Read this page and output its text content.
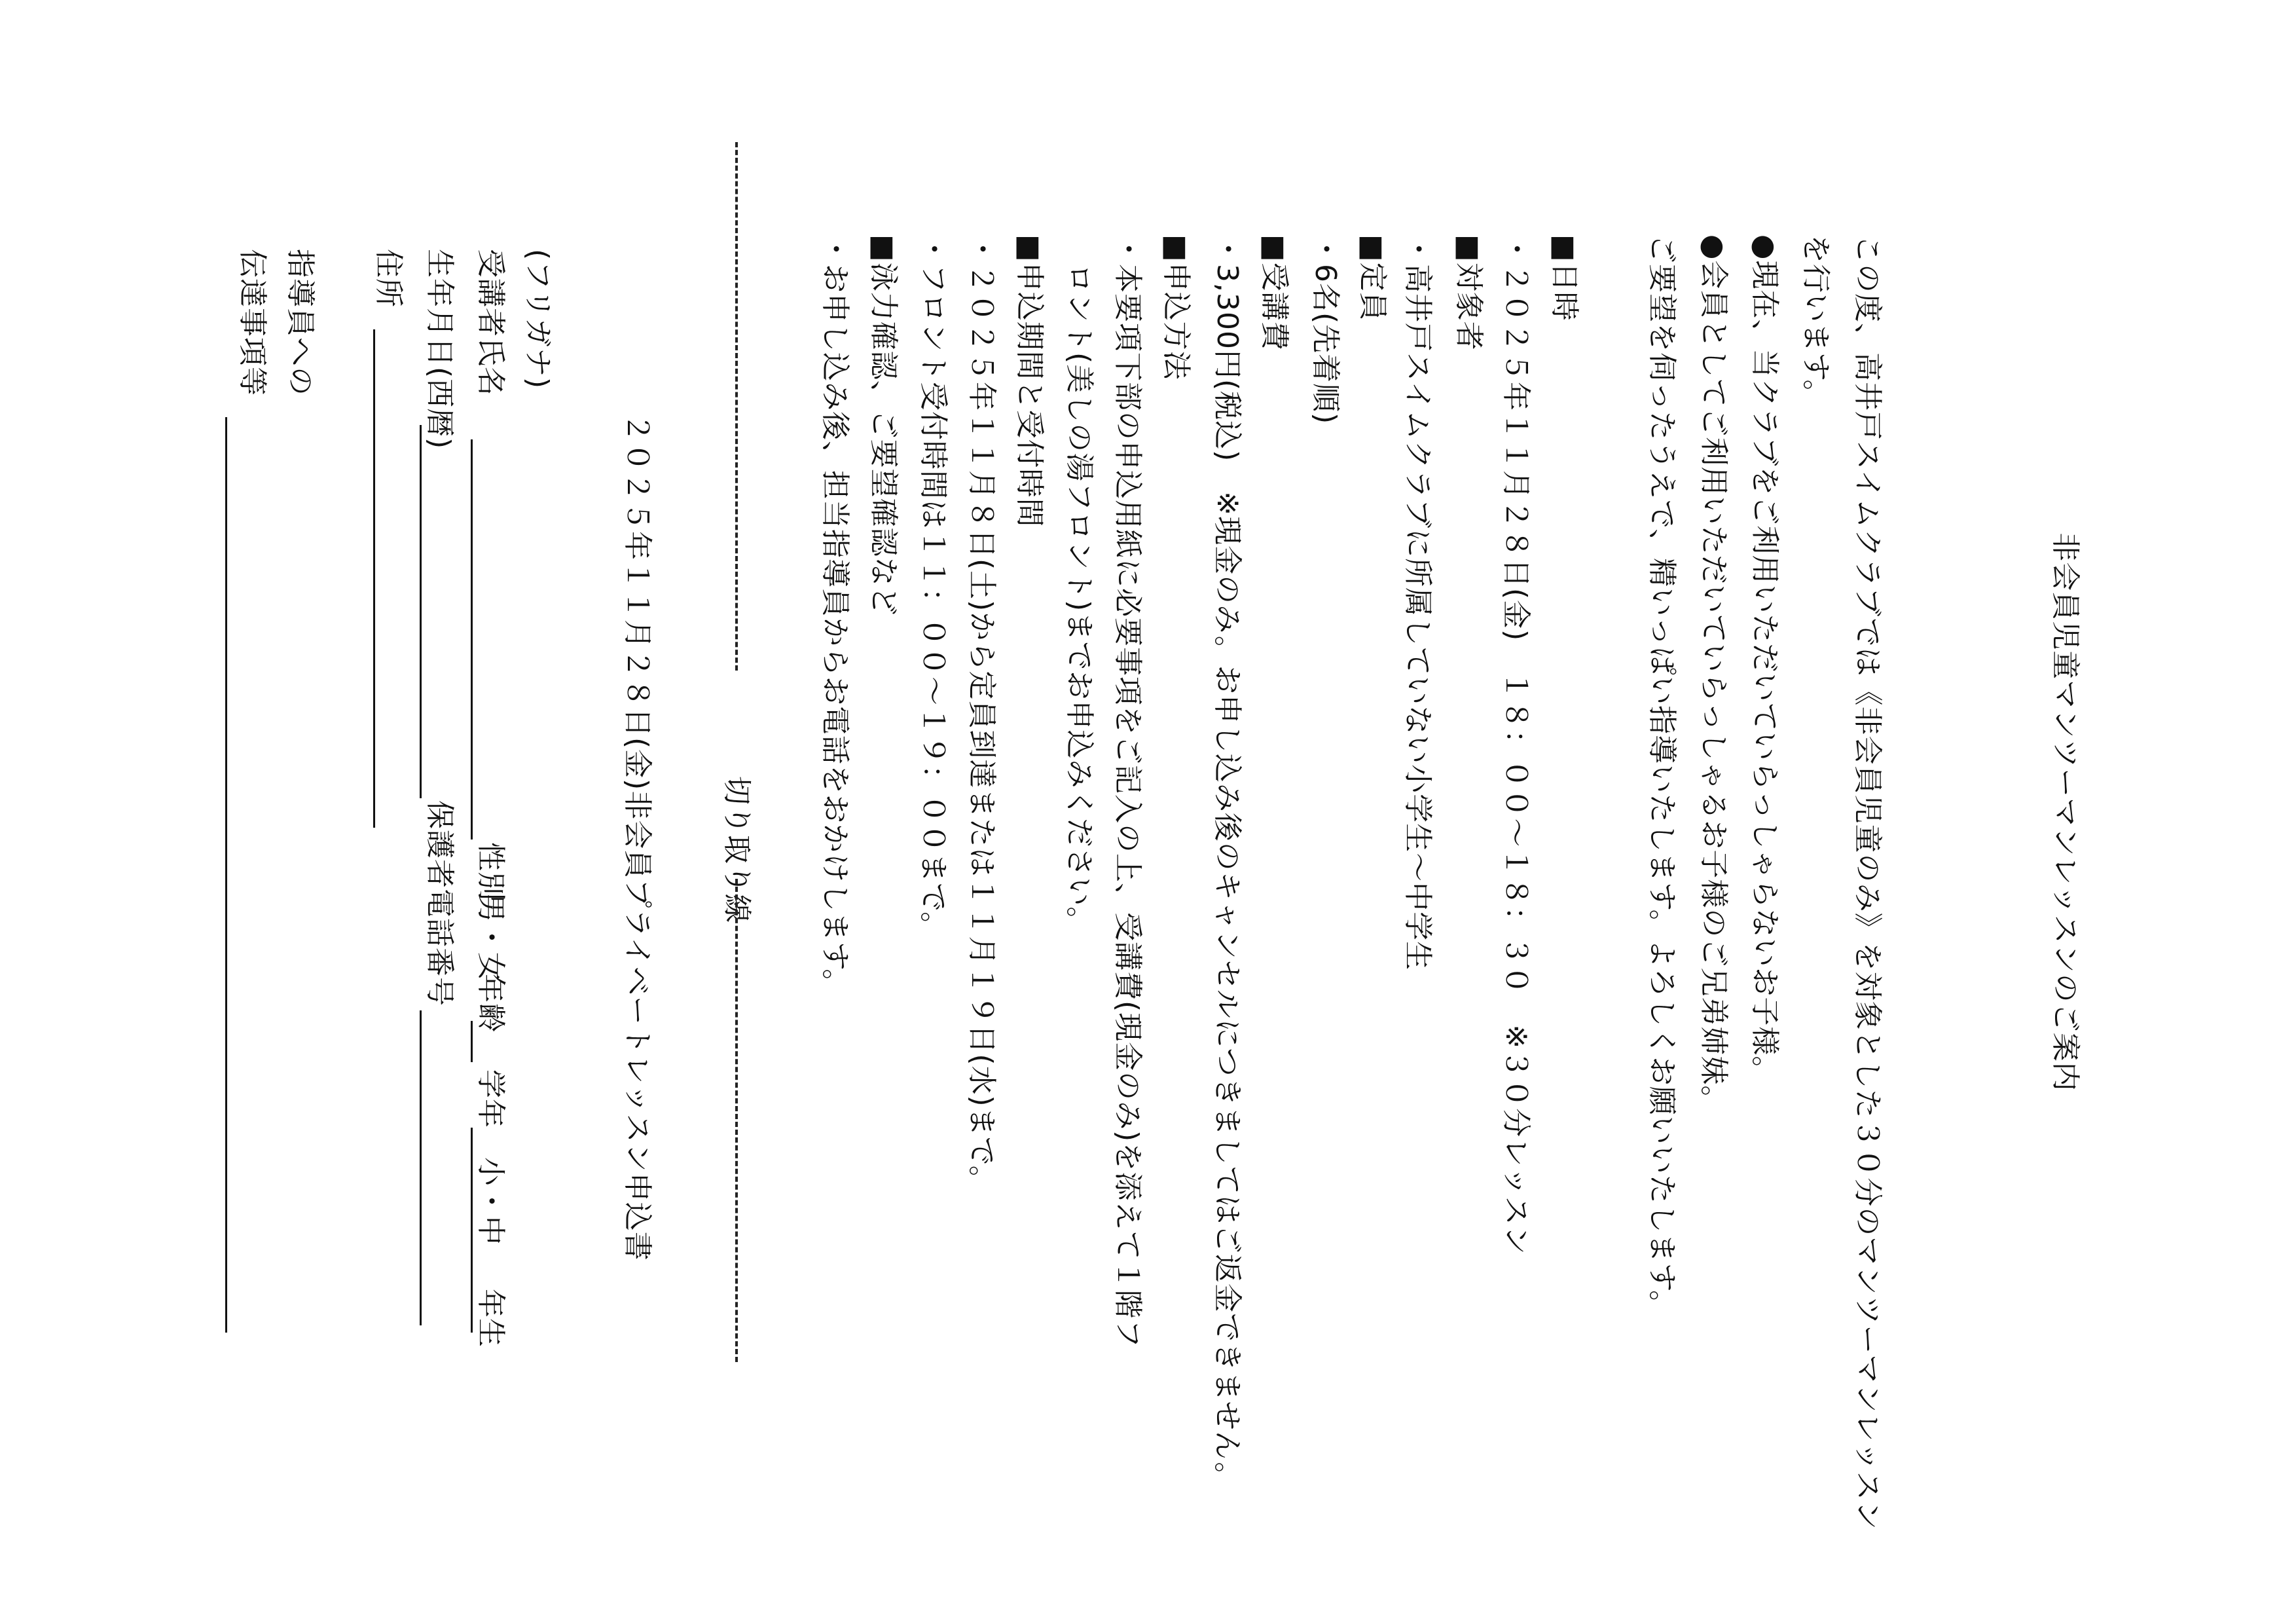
非会員児童マンツーマンレッスンのご案内
この度、高井戸スイムクラブでは《非会員児童のみ》を対象とした３０分のマンツーマンレッスン
を行います。
●現在、当クラブをご利用いただいていらっしゃらないお子様。
●会員としてご利用いただいていらっしゃるお子様のご兄弟姉妹。
ご要望を伺ったうえで、精いっぱい指導いたします。よろしくお願いいたします。
■日時
・２０２５年１１月２８日(金)　１８：００～１８：３０　※３０分レッスン
■対象者
・高井戸スイムクラブに所属していない小学生～中学生
■定員
・6名(先着順)
■受講費
・3,300円(税込)　※現金のみ。お申し込み後のキャンセルにつきましてはご返金できません。
■申込方法
・本要項下部の申込用紙に必要事項をご記入の上、受講費(現金のみ)を添えて１階フ
ロント(美しの湯フロント)までお申込みください。
■申込期間と受付時間
・２０２５年１１月８日(土)から定員到達または１１月１９日(水)まで。
・フロント受付時間は１１：００～１９：００まで。
■泳力確認、ご要望確認など
・お申し込み後、担当指導員からお電話をおかけします。
切り取り線
２０２５年１１月２８日(金)非会員プライベートレッスン申込書
(フリガナ)
受講者氏名
性別
男・女
年齢
学年
小・中
年生
生年月日(西暦)
保護者電話番号
住所
指導員への
伝達事項等
